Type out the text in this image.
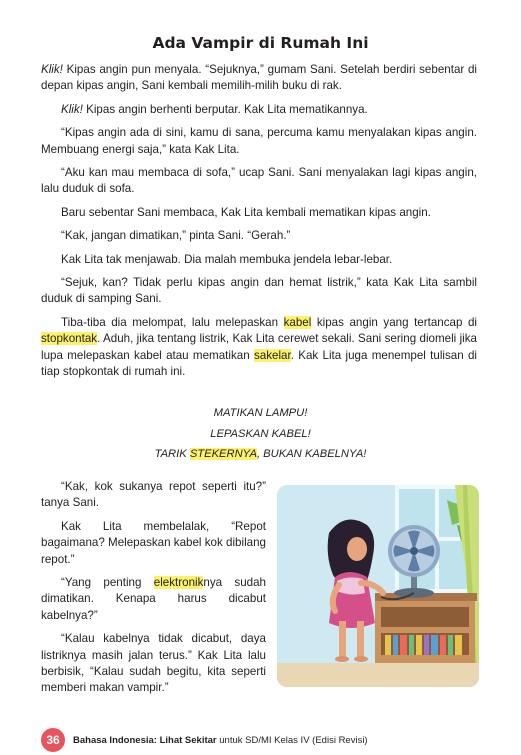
Ada Vampir di Rumah Ini

Klik! Kipas angin pun menyala. “Sejuknya,” gumam Sani. Setelah berdiri sebentar di depan kipas angin, Sani kembali memilih-milih buku di rak.

Klik! Kipas angin berhenti berputar. Kak Lita mematikannya.

“Kipas angin ada di sini, kamu di sana, percuma kamu menyalakan kipas angin. Membuang energi saja,” kata Kak Lita.

“Aku kan mau membaca di sofa,” ucap Sani. Sani menyalakan lagi kipas angin, lalu duduk di sofa.

Baru sebentar Sani membaca, Kak Lita kembali mematikan kipas angin.

“Kak, jangan dimatikan,” pinta Sani. “Gerah.”

Kak Lita tak menjawab. Dia malah membuka jendela lebar-lebar.

“Sejuk, kan? Tidak perlu kipas angin dan hemat listrik,” kata Kak Lita sambil duduk di samping Sani.

Tiba-tiba dia melompat, lalu melepaskan kabel kipas angin yang tertancap di stopkontak. Aduh, jika tentang listrik, Kak Lita cerewet sekali. Sani sering diomeli jika lupa melepaskan kabel atau mematikan sakelar. Kak Lita juga menempel tulisan di tiap stopkontak di rumah ini.

MATIKAN LAMPU!
LEPASKAN KABEL!
TARIK STEKERNYA, BUKAN KABELNYA!

“Kak, kok sukanya repot seperti itu?” tanya Sani.

Kak Lita membelalak, “Repot bagaimana? Melepaskan kabel kok dibilang repot.”

“Yang penting elektroniknya sudah dimatikan. Kenapa harus dicabut kabelnya?”

“Kalau kabelnya tidak dicabut, daya listriknya masih jalan terus.” Kak Lita lalu berbisik, “Kalau sudah begitu, kita seperti memberi makan vampir.”

36	Bahasa Indonesia: Lihat Sekitar untuk SD/MI Kelas IV (Edisi Revisi)
